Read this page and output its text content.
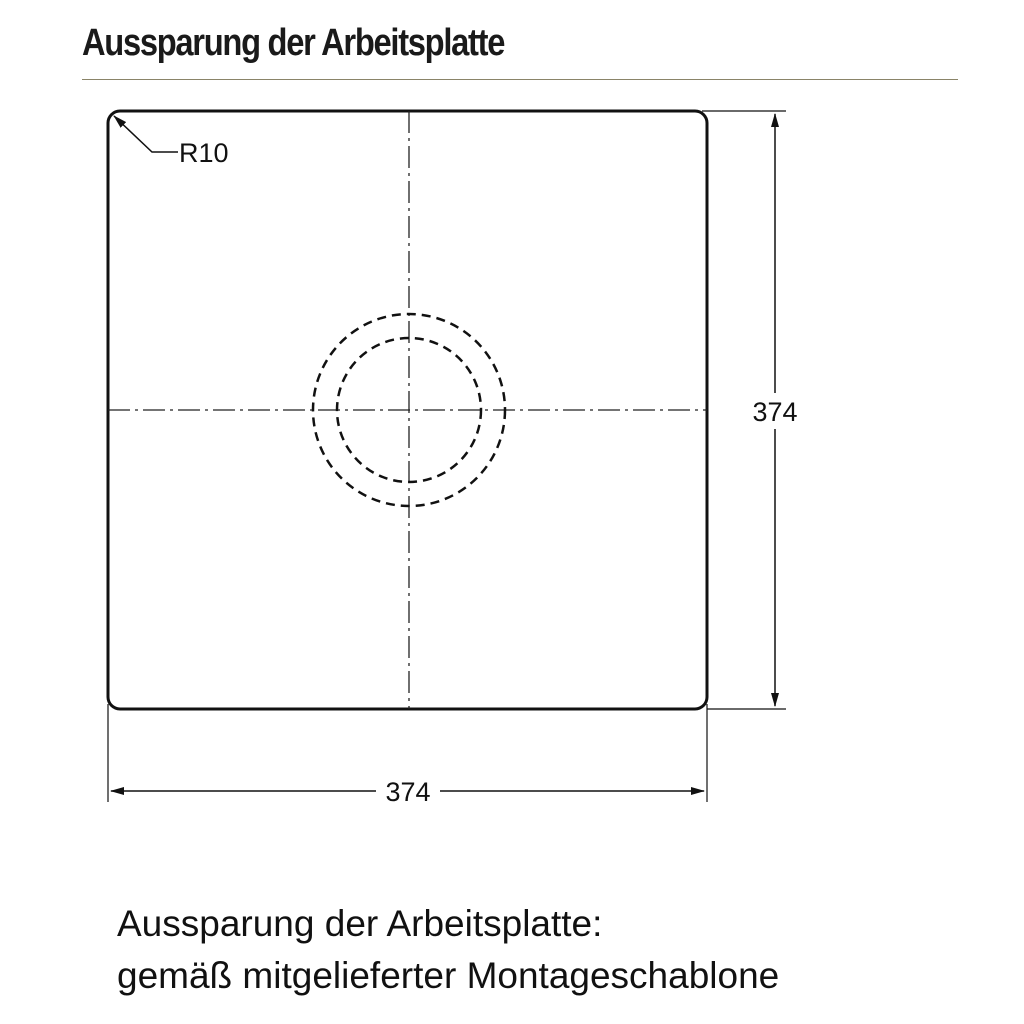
Aussparung der Arbeitsplatte
R10
374
374
Aussparung der Arbeitsplatte:
gemäß mitgelieferter Montageschablone
